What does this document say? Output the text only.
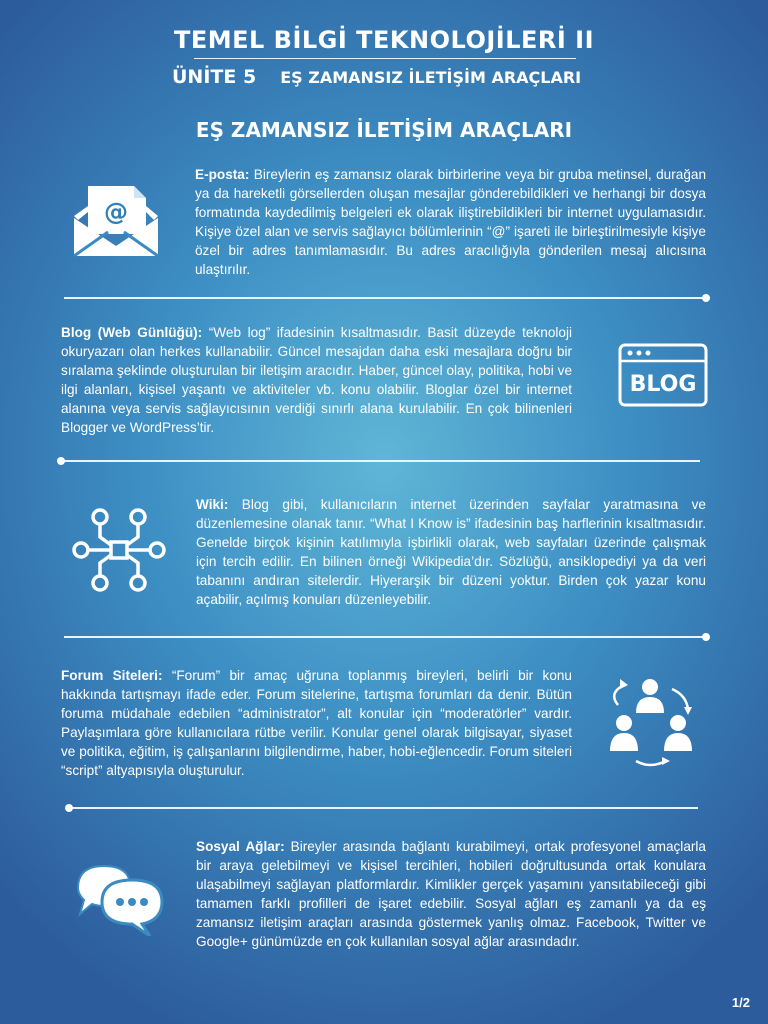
TEMEL BİLGİ TEKNOLOJİLERİ II
ÜNİTE 5 EŞ ZAMANSIZ İLETİŞİM ARAÇLARI
EŞ ZAMANSIZ İLETİŞİM ARAÇLARI
@
E-posta: Bireylerin eş zamansız olarak birbirlerine veya bir gruba metinsel, durağan ya da hareketli görsellerden oluşan mesajlar gönderebildikleri ve herhangi bir dosya formatında kaydedilmiş belgeleri ek olarak iliştirebildikleri bir internet uygulamasıdır. Kişiye özel alan ve servis sağlayıcı bölümlerinin “@” işareti ile birleştirilmesiyle kişiye özel bir adres tanımlamasıdır. Bu adres aracılığıyla gönderilen mesaj alıcısına ulaştırılır.
Blog (Web Günlüğü): “Web log” ifadesinin kısaltmasıdır. Basit düzeyde teknoloji okuryazarı olan herkes kullanabilir. Güncel mesajdan daha eski mesajlara doğru bir sıralama şeklinde oluşturulan bir iletişim aracıdır. Haber, güncel olay, politika, hobi ve ilgi alanları, kişisel yaşantı ve aktiviteler vb. konu olabilir. Bloglar özel bir internet alanına veya servis sağlayıcısının verdiği sınırlı alana kurulabilir. En çok bilinenleri Blogger ve WordPress’tir.
BLOG
Wiki: Blog gibi, kullanıcıların internet üzerinden sayfalar yaratmasına ve düzenlemesine olanak tanır. “What I Know is” ifadesinin baş harflerinin kısaltmasıdır. Genelde birçok kişinin katılımıyla işbirlikli olarak, web sayfaları üzerinde çalışmak için tercih edilir. En bilinen örneği Wikipedia’dır. Sözlüğü, ansiklopediyi ya da veri tabanını andıran sitelerdir. Hiyerarşik bir düzeni yoktur. Birden çok yazar konu açabilir, açılmış konuları düzenleyebilir.
Forum Siteleri: “Forum” bir amaç uğruna toplanmış bireyleri, belirli bir konu hakkında tartışmayı ifade eder. Forum sitelerine, tartışma forumları da denir. Bütün foruma müdahale edebilen “administrator”, alt konular için “moderatörler” vardır. Paylaşımlara göre kullanıcılara rütbe verilir. Konular genel olarak bilgisayar, siyaset ve politika, eğitim, iş çalışanlarını bilgilendirme, haber, hobi-eğlencedir. Forum siteleri “script” altyapısıyla oluşturulur.
Sosyal Ağlar: Bireyler arasında bağlantı kurabilmeyi, ortak profesyonel amaçlarla bir araya gelebilmeyi ve kişisel tercihleri, hobileri doğrultusunda ortak konulara ulaşabilmeyi sağlayan platformlardır. Kimlikler gerçek yaşamını yansıtabileceği gibi tamamen farklı profilleri de işaret edebilir. Sosyal ağları eş zamanlı ya da eş zamansız iletişim araçları arasında göstermek yanlış olmaz. Facebook, Twitter ve Google+ günümüzde en çok kullanılan sosyal ağlar arasındadır.
1/2
